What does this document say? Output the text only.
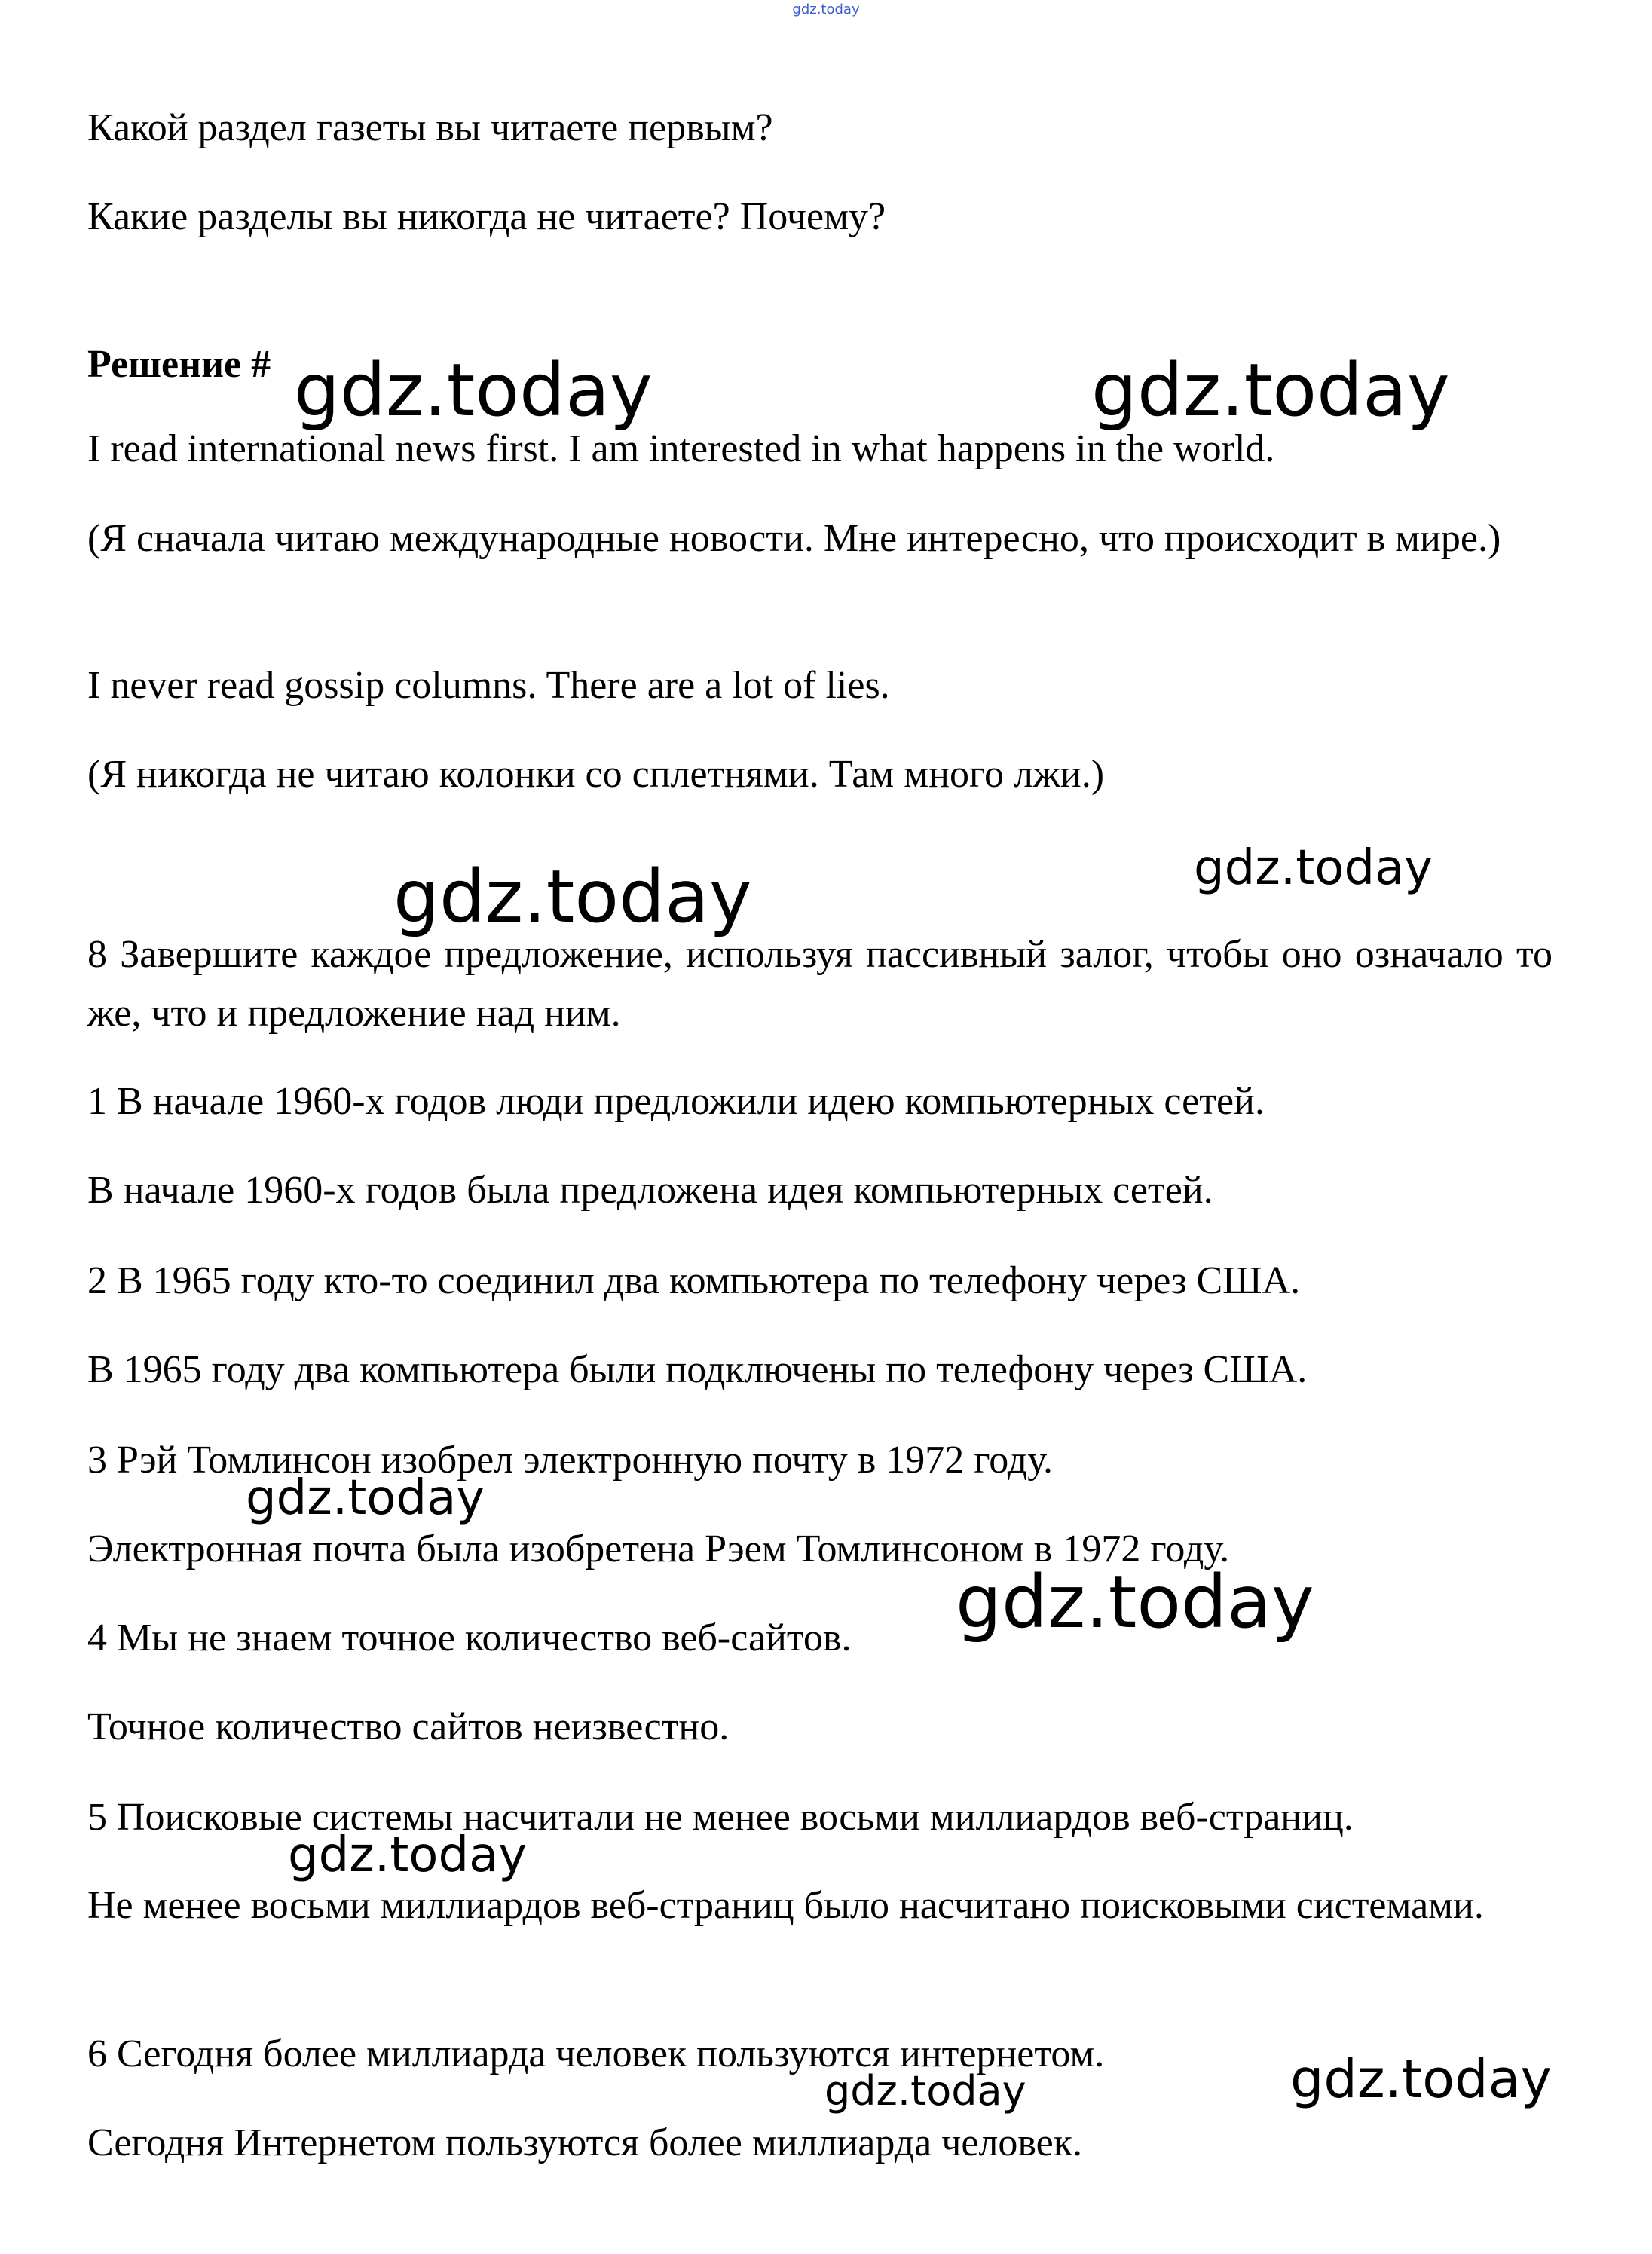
gdz.today

Какой раздел газеты вы читаете первым?

Какие разделы вы никогда не читаете? Почему?

Решение #

I read international news first. I am interested in what happens in the world.

(Я сначала читаю международные новости. Мне интересно, что происходит в мире.)

I never read gossip columns. There are a lot of lies.

(Я никогда не читаю колонки со сплетнями. Там много лжи.)

8 Завершите каждое предложение, используя пассивный залог, чтобы оно означало то же, что и предложение над ним.

1 В начале 1960-х годов люди предложили идею компьютерных сетей.

В начале 1960-х годов была предложена идея компьютерных сетей.

2 В 1965 году кто-то соединил два компьютера по телефону через США.

В 1965 году два компьютера были подключены по телефону через США.

3 Рэй Томлинсон изобрел электронную почту в 1972 году.

Электронная почта была изобретена Рэем Томлинсоном в 1972 году.

4 Мы не знаем точное количество веб-сайтов.

Точное количество сайтов неизвестно.

5 Поисковые системы насчитали не менее восьми миллиардов веб-страниц.

Не менее восьми миллиардов веб-страниц было насчитано поисковыми системами.

6 Сегодня более миллиарда человек пользуются интернетом.

Сегодня Интернетом пользуются более миллиарда человек.

gdz.today	gdz.today
gdz.today	gdz.today
gdz.today
gdz.today
gdz.today
gdz.today
gdz.today
